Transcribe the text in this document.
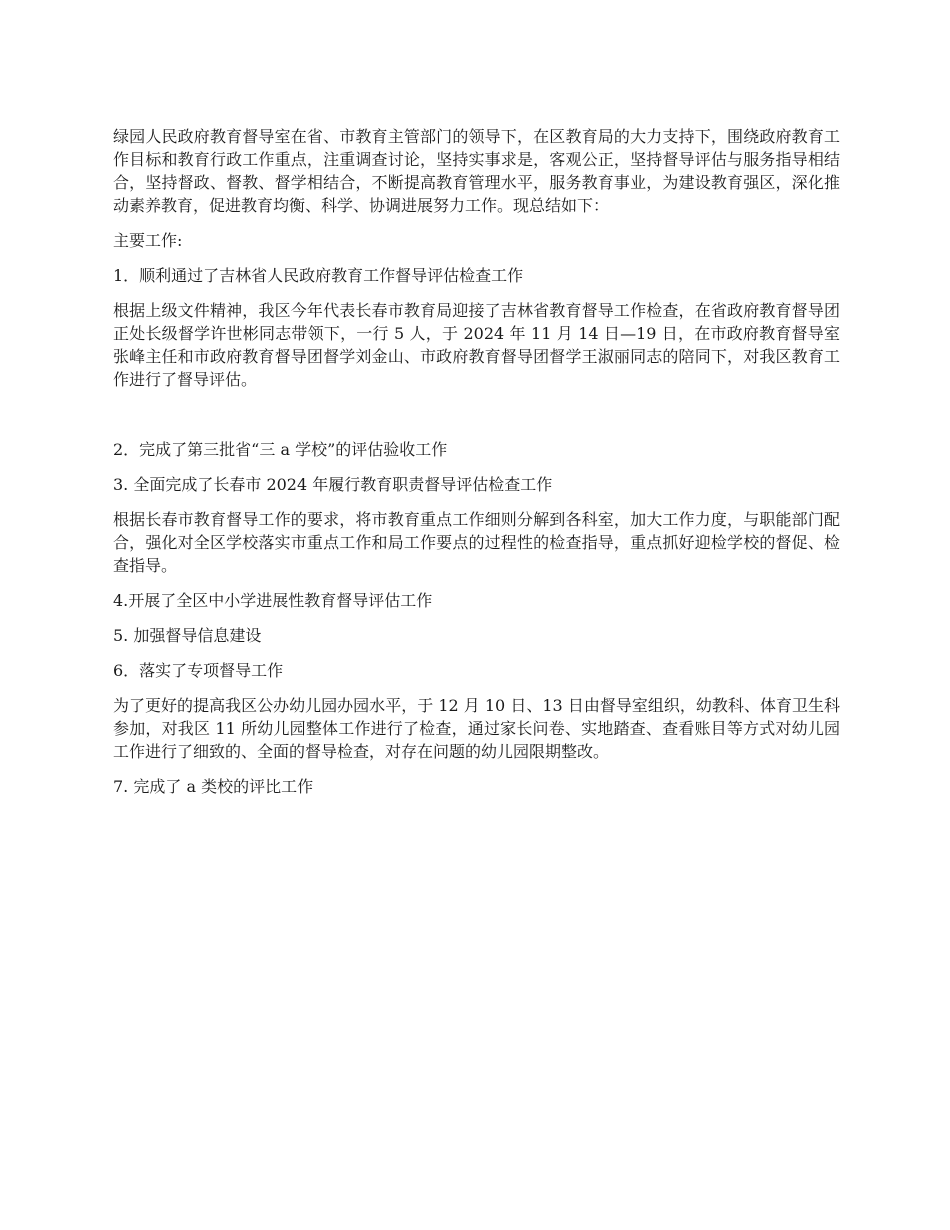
绿园人民政府教育督导室在省、市教育主管部门的领导下，在区教育局的大力支持下，围绕政府教育工作目标和教育行政工作重点，注重调查讨论，坚持实事求是，客观公正，坚持督导评估与服务指导相结合，坚持督政、督教、督学相结合，不断提高教育管理水平，服务教育事业，为建设教育强区，深化推动素养教育，促进教育均衡、科学、协调进展努力工作。现总结如下：

主要工作:

1．顺利通过了吉林省人民政府教育工作督导评估检查工作

根据上级文件精神，我区今年代表长春市教育局迎接了吉林省教育督导工作检查，在省政府教育督导团正处长级督学许世彬同志带领下，一行 5 人，于 2024 年 11 月 14 日—19 日，在市政府教育督导室张峰主任和市政府教育督导团督学刘金山、市政府教育督导团督学王淑丽同志的陪同下，对我区教育工作进行了督导评估。

2．完成了第三批省“三 a 学校”的评估验收工作

3. 全面完成了长春市 2024 年履行教育职责督导评估检查工作

根据长春市教育督导工作的要求，将市教育重点工作细则分解到各科室，加大工作力度，与职能部门配合，强化对全区学校落实市重点工作和局工作要点的过程性的检查指导，重点抓好迎检学校的督促、检查指导。

4.开展了全区中小学进展性教育督导评估工作

5. 加强督导信息建设

6．落实了专项督导工作

为了更好的提高我区公办幼儿园办园水平，于 12 月 10 日、13 日由督导室组织，幼教科、体育卫生科参加，对我区 11 所幼儿园整体工作进行了检查，通过家长问卷、实地踏查、查看账目等方式对幼儿园工作进行了细致的、全面的督导检查，对存在问题的幼儿园限期整改。

7. 完成了 a 类校的评比工作
